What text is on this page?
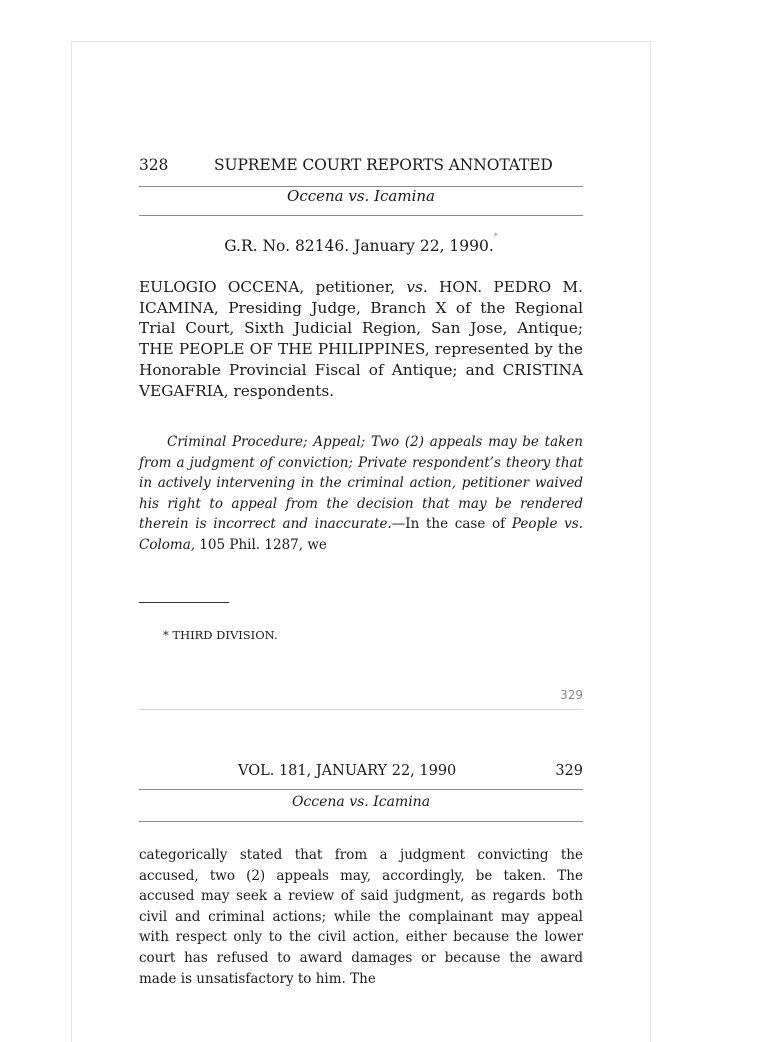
328	SUPREME COURT REPORTS ANNOTATED
Occena vs. Icamina
G.R. No. 82146. January 22, 1990.*
EULOGIO OCCENA, petitioner, vs. HON. PEDRO M. ICAMINA, Presiding Judge, Branch X of the Regional Trial Court, Sixth Judicial Region, San Jose, Antique; THE PEOPLE OF THE PHILIPPINES, represented by the Honorable Provincial Fiscal of Antique; and CRISTINA VEGAFRIA, respondents.
Criminal Procedure; Appeal; Two (2) appeals may be taken from a judgment of conviction; Private respondent’s theory that in actively intervening in the criminal action, petitioner waived his right to appeal from the decision that may be rendered therein is incorrect and inaccurate.—In the case of People vs. Coloma, 105 Phil. 1287, we
* THIRD DIVISION.
329
VOL. 181, JANUARY 22, 1990	329
Occena vs. Icamina
categorically stated that from a judgment convicting the accused, two (2) appeals may, accordingly, be taken. The accused may seek a review of said judgment, as regards both civil and criminal actions; while the complainant may appeal with respect only to the civil action, either because the lower court has refused to award damages or because the award made is unsatisfactory to him. The
